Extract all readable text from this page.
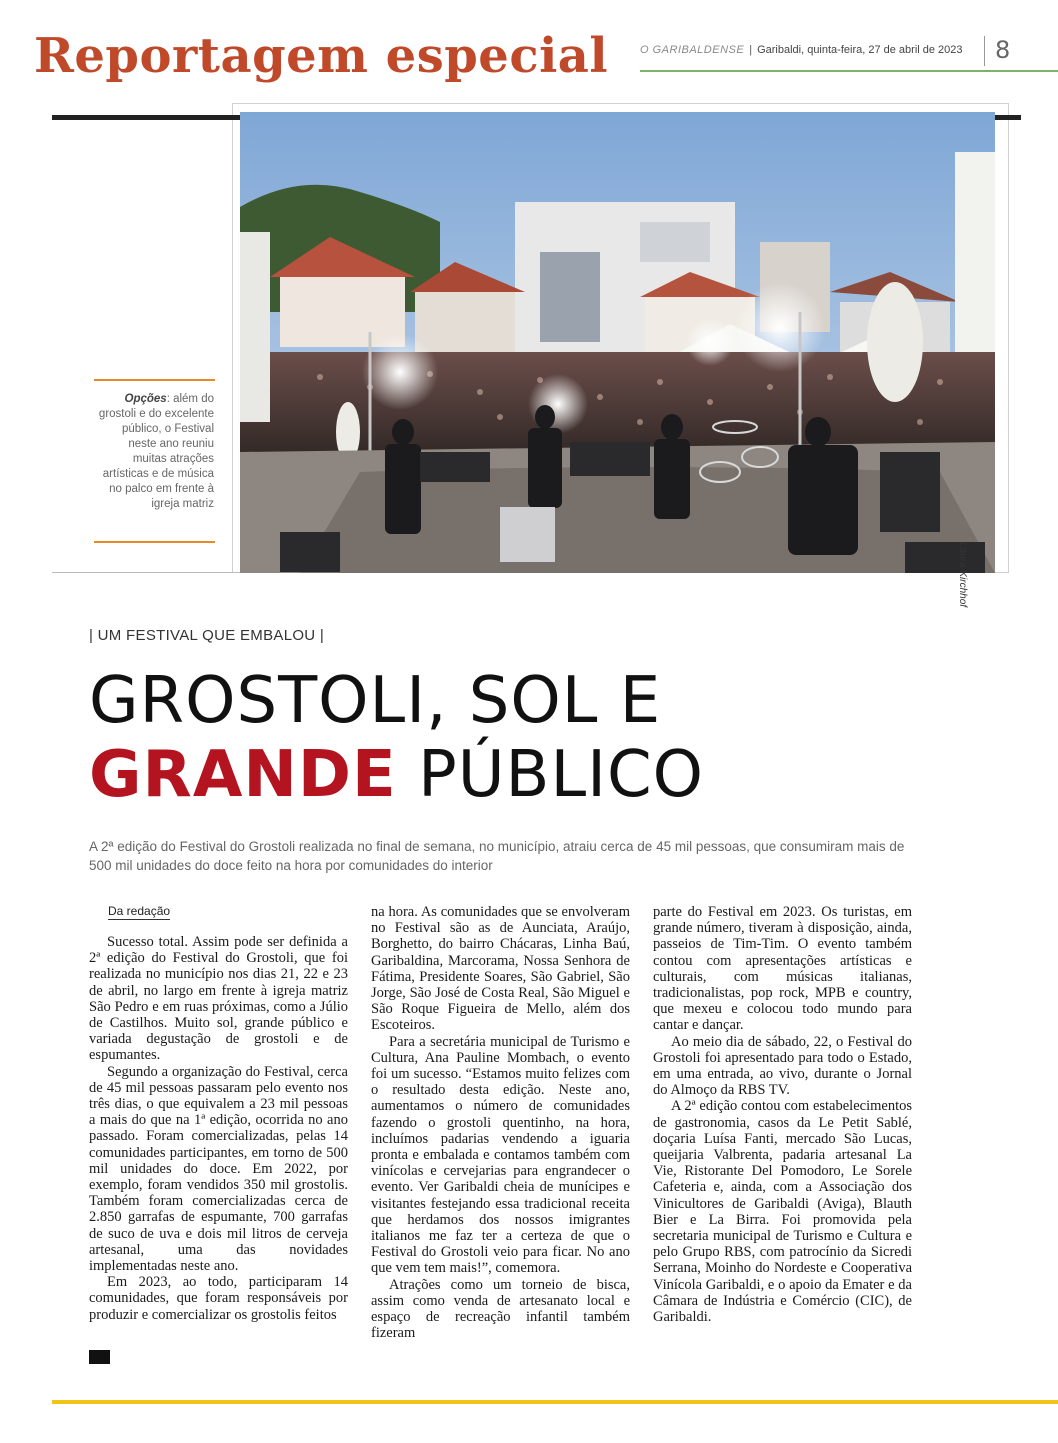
Reportagem especial	O GARIBALDENSE | Garibaldi, quinta-feira, 27 de abril de 2023	8
Laura Kirchhof
Opções: além do grostoli e do excelente público, o Festival neste ano reuniu muitas atrações artísticas e de música no palco em frente à igreja matriz
| UM FESTIVAL QUE EMBALOU |
GROSTOLI, SOL E
GRANDE PÚBLICO
A 2ª edição do Festival do Grostoli realizada no final de semana, no município, atraiu cerca de 45 mil pessoas, que consumiram mais de 500 mil unidades do doce feito na hora por comunidades do interior
Da redação

Sucesso total. Assim pode ser definida a 2ª edição do Festival do Grostoli, que foi realizada no município nos dias 21, 22 e 23 de abril, no largo em frente à igreja matriz São Pedro e em ruas próximas, como a Júlio de Castilhos. Muito sol, grande público e variada degustação de grostoli e de espumantes.

Segundo a organização do Festival, cerca de 45 mil pessoas passaram pelo evento nos três dias, o que equivalem a 23 mil pessoas a mais do que na 1ª edição, ocorrida no ano passado. Foram comercializadas, pelas 14 comunidades participantes, em torno de 500 mil unidades do doce. Em 2022, por exemplo, foram vendidos 350 mil grostolis. Também foram comercializadas cerca de 2.850 garrafas de espumante, 700 garrafas de suco de uva e dois mil litros de cerveja artesanal, uma das novidades implementadas neste ano.

Em 2023, ao todo, participaram 14 comunidades, que foram responsáveis por produzir e comercializar os grostolis feitos

na hora. As comunidades que se envolveram no Festival são as de Aunciata, Araújo, Borghetto, do bairro Chácaras, Linha Baú, Garibaldina, Marcorama, Nossa Senhora de Fátima, Presidente Soares, São Gabriel, São Jorge, São José de Costa Real, São Miguel e São Roque Figueira de Mello, além dos Escoteiros.

Para a secretária municipal de Turismo e Cultura, Ana Pauline Mombach, o evento foi um sucesso. “Estamos muito felizes com o resultado desta edição. Neste ano, aumentamos o número de comunidades fazendo o grostoli quentinho, na hora, incluímos padarias vendendo a iguaria pronta e embalada e contamos também com vinícolas e cervejarias para engrandecer o evento. Ver Garibaldi cheia de munícipes e visitantes festejando essa tradicional receita que herdamos dos nossos imigrantes italianos me faz ter a certeza de que o Festival do Grostoli veio para ficar. No ano que vem tem mais!”, comemora.

Atrações como um torneio de bisca, assim como venda de artesanato local e espaço de recreação infantil também fizeram

parte do Festival em 2023. Os turistas, em grande número, tiveram à disposição, ainda, passeios de Tim-Tim. O evento também contou com apresentações artísticas e culturais, com músicas italianas, tradicionalistas, pop rock, MPB e country, que mexeu e colocou todo mundo para cantar e dançar.

Ao meio dia de sábado, 22, o Festival do Grostoli foi apresentado para todo o Estado, em uma entrada, ao vivo, durante o Jornal do Almoço da RBS TV.

A 2ª edição contou com estabelecimentos de gastronomia, casos da Le Petit Sablé, doçaria Luísa Fanti, mercado São Lucas, queijaria Valbrenta, padaria artesanal La Vie, Ristorante Del Pomodoro, Le Sorele Cafeteria e, ainda, com a Associação dos Vinicultores de Garibaldi (Aviga), Blauth Bier e La Birra. Foi promovida pela secretaria municipal de Turismo e Cultura e pelo Grupo RBS, com patrocínio da Sicredi Serrana, Moinho do Nordeste e Cooperativa Vinícola Garibaldi, e o apoio da Emater e da Câmara de Indústria e Comércio (CIC), de Garibaldi.
